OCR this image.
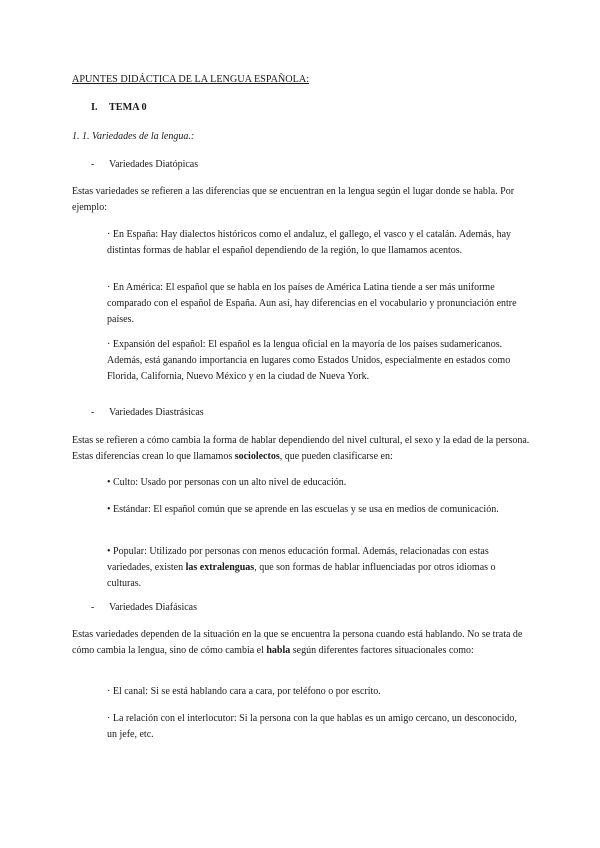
APUNTES DIDÁCTICA DE LA LENGUA ESPAÑOLA:
I. TEMA 0

1. 1. Variedades de la lengua.:

- Variedades Diatópicas

Estas variedades se refieren a las diferencias que se encuentran en la lengua según el lugar donde se habla. Por ejemplo:

· En España: Hay dialectos históricos como el andaluz, el gallego, el vasco y el catalán. Además, hay distintas formas de hablar el español dependiendo de la región, lo que llamamos acentos.

· En América: El español que se habla en los países de América Latina tiende a ser más uniforme comparado con el español de España. Aun así, hay diferencias en el vocabulario y pronunciación entre países.

· Expansión del español: El español es la lengua oficial en la mayoría de los países sudamericanos. Además, está ganando importancia en lugares como Estados Unidos, especialmente en estados como Florida, California, Nuevo México y en la ciudad de Nueva York.

- Variedades Diastrásicas

Estas se refieren a cómo cambia la forma de hablar dependiendo del nivel cultural, el sexo y la edad de la persona. Estas diferencias crean lo que llamamos sociolectos, que pueden clasificarse en:

• Culto: Usado por personas con un alto nivel de educación.

• Estándar: El español común que se aprende en las escuelas y se usa en medios de comunicación.

• Popular: Utilizado por personas con menos educación formal. Además, relacionadas con estas variedades, existen las extralenguas, que son formas de hablar influenciadas por otros idiomas o culturas.

- Variedades Diafásicas

Estas variedades dependen de la situación en la que se encuentra la persona cuando está hablando. No se trata de cómo cambia la lengua, sino de cómo cambia el habla según diferentes factores situacionales como:

· El canal: Si se está hablando cara a cara, por teléfono o por escrito.

· La relación con el interlocutor: Si la persona con la que hablas es un amigo cercano, un desconocido, un jefe, etc.
